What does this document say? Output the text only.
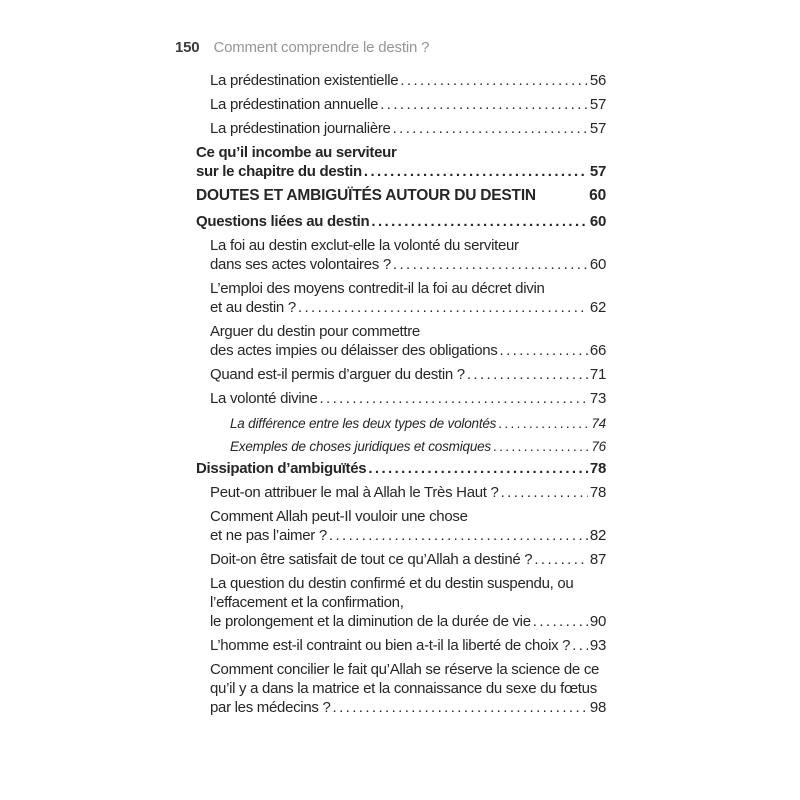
150 Comment comprendre le destin ?
La prédestination existentielle .....	56
La prédestination annuelle .....	57
La prédestination journalière .....	57
Ce qu’il incombe au serviteur
sur le chapitre du destin .....	57
DOUTES ET AMBIGUÏTÉS AUTOUR DU DESTIN	60
Questions liées au destin .....	60
La foi au destin exclut-elle la volonté du serviteur
dans ses actes volontaires ? .....	60
L’emploi des moyens contredit-il la foi au décret divin
et au destin ? .....	62
Arguer du destin pour commettre
des actes impies ou délaisser des obligations .....	66
Quand est-il permis d’arguer du destin ? .....	71
La volonté divine .....	73
La différence entre les deux types de volontés .....	74
Exemples de choses juridiques et cosmiques .....	76
Dissipation d’ambiguïtés .....	78
Peut-on attribuer le mal à Allah le Très Haut ? .....	78
Comment Allah peut-Il vouloir une chose
et ne pas l’aimer ? .....	82
Doit-on être satisfait de tout ce qu’Allah a destiné ? .....	87
La question du destin confirmé et du destin suspendu, ou
l’effacement et la confirmation,
le prolongement et la diminution de la durée de vie .....	90
L’homme est-il contraint ou bien a-t-il la liberté de choix ? ..... 93
Comment concilier le fait qu’Allah se réserve la science de ce
qu’il y a dans la matrice et la connaissance du sexe du fœtus
par les médecins ? .....	98
